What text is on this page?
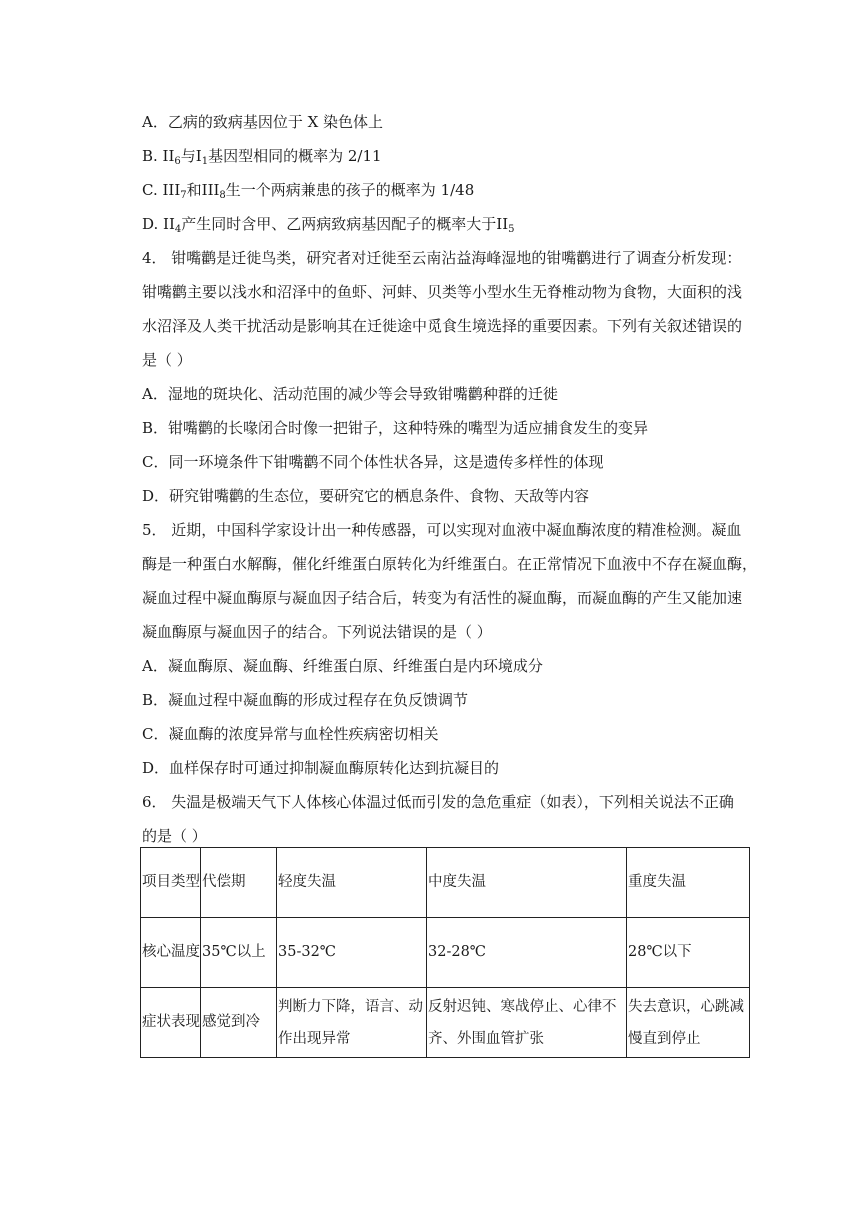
A．乙病的致病基因位于 X 染色体上
B. $II_6$与$I_1$基因型相同的概率为 2/11
C. $III_7$和$III_8$生一个两病兼患的孩子的概率为 1/48
D. $II_4$产生同时含甲、乙两病致病基因配子的概率大于$II_5$
4． 钳嘴鹳是迁徙鸟类，研究者对迁徙至云南沾益海峰湿地的钳嘴鹳进行了调查分析发现：
钳嘴鹳主要以浅水和沼泽中的鱼虾、河蚌、贝类等小型水生无脊椎动物为食物，大面积的浅
水沼泽及人类干扰活动是影响其在迁徙途中觅食生境选择的重要因素。下列有关叙述错误的
是（ ）
A．湿地的斑块化、活动范围的减少等会导致钳嘴鹳种群的迁徙
B．钳嘴鹳的长喙闭合时像一把钳子，这种特殊的嘴型为适应捕食发生的变异
C．同一环境条件下钳嘴鹳不同个体性状各异，这是遗传多样性的体现
D．研究钳嘴鹳的生态位，要研究它的栖息条件、食物、天敌等内容
5． 近期，中国科学家设计出一种传感器，可以实现对血液中凝血酶浓度的精准检测。凝血
酶是一种蛋白水解酶，催化纤维蛋白原转化为纤维蛋白。在正常情况下血液中不存在凝血酶，
凝血过程中凝血酶原与凝血因子结合后，转变为有活性的凝血酶，而凝血酶的产生又能加速
凝血酶原与凝血因子的结合。下列说法错误的是（ ）
A．凝血酶原、凝血酶、纤维蛋白原、纤维蛋白是内环境成分
B．凝血过程中凝血酶的形成过程存在负反馈调节
C．凝血酶的浓度异常与血栓性疾病密切相关
D．血样保存时可通过抑制凝血酶原转化达到抗凝目的
6． 失温是极端天气下人体核心体温过低而引发的急危重症（如表），下列相关说法不正确
的是（ ）
项目类型	代偿期	轻度失温	中度失温	重度失温
核心温度	35℃以上	35-32℃	32-28℃	28℃以下
症状表现	感觉到冷	判断力下降，语言、动作出现异常	反射迟钝、寒战停止、心律不齐、外围血管扩张	失去意识，心跳减慢直到停止
